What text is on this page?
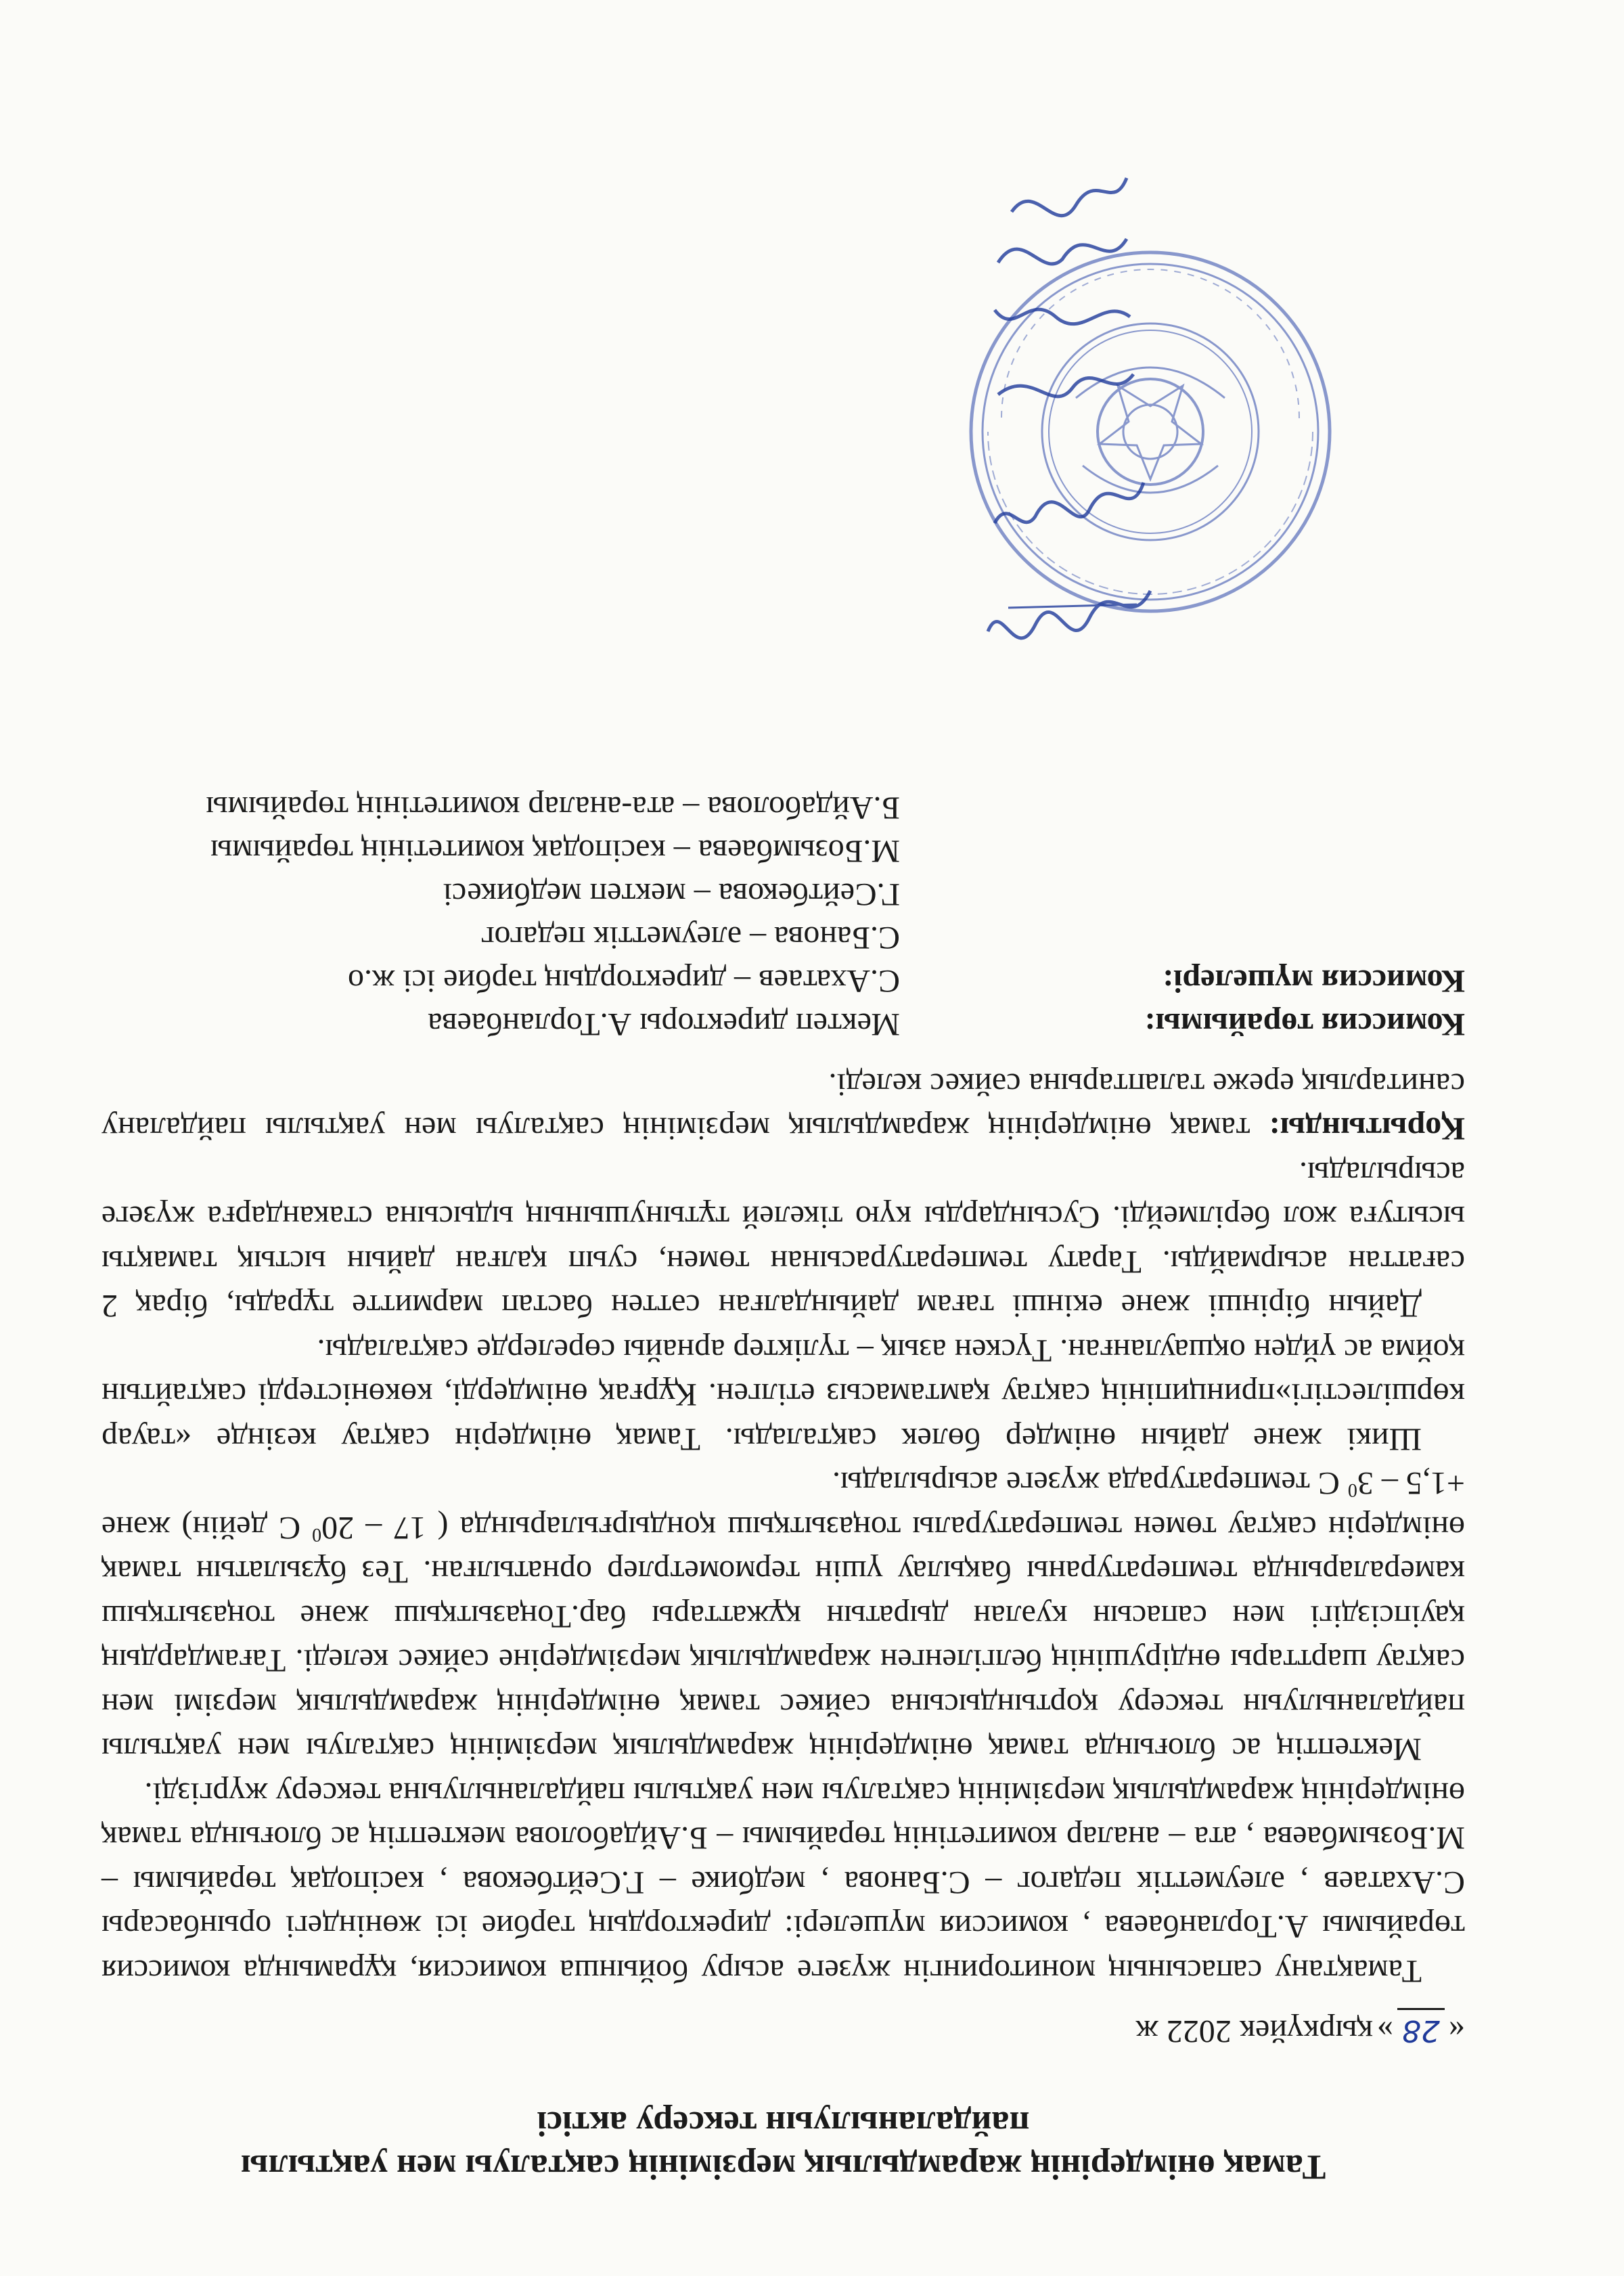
Тамақ өнімдерінің жарамдылық мерзімінің сақталуы мен уақтылы
пайдаланылуын тексеру актісі
«
28
»
қыркүйек 2022 ж

Тамақтану сапасының мониторингін жүзеге асыру бойынша комиссия, құрамында комиссия төрайымы А.Торланбаева , комиссия мүшелері: директордың тәрбие ісі жөніндегі орынбасары С.Ахатаев , әлеуметтік педагог – С.Банова , медбике – Г.Сейтбекова , кәсіподақ төрайымы – М.Бозымбаева , ата – аналар комитетінің төрайымы – Б.Айдаболова мектептің ас блоғында тамақ өнімдерінің жарамдылық мерзімінің сақталуы мен уақтылы пайдаланылуына тексеру жүргізді.

Мектептің ас блоғында тамақ өнімдерінің жарамдылық мерзімінің сақталуы мен уақтылы пайдаланылуын тексеру қортындысына сәйкес тамақ өнімдерінің жарамдылық мерзімі мен сақтау шарттары өндірушінің белгіленген жарамдылық мерзімдеріне сәйкес келеді. Тағамдардың қауіпсіздігі мен сапасын куәлан дыратын құжаттары бар.Тоңазытқыш және тоңазытқыш камераларында температураны бақылау үшін термометрлер орнатылған. Тез бұзылатын тамақ өнімдерін сақтау төмен температуралы тоңазытқыш қондырғыларында ( $17 - 20^0$ С дейін) және $+1,5 - 3^0$ С температурада жүзеге асырылады.

Шикі және дайын өнімдер бөлек сақталады. Тамақ өнімдерін сақтау кезінде «тауар көршілестігі»принципінің сақтау қамтамасыз етілген. Құрғақ өнімдерді, көкөністерді сақтайтын қойма ас үйден оқшауланған. Түскен азық – түліктер арнайы сөрелерде сақталады.

Дайын бірінші және екінші тағам дайындалған сәттен бастап мармитте тұрады, бірақ 2 сағаттан асырмайды. Тарату температурасынан төмен, суып қалған дайын ыстық тамақты ысытуға жол берілмейді. Сусындарды күю тікелей тұтынушының ыдысына стакандарға жүзеге асырылады.

Қорытынды: тамақ өнімдерінің жарамдылық мерзімінің сақталуы мен уақтылы пайдалану санитарлық ереже талаптарына сәйкес келеді.

Комиссия төрайымы:
Мектеп директоры А.Торланбаева
Комиссия мүшелері:
С.Ахатаев – директордың тәрбие ісі ж.о
С.Банова – әлеуметтік педагог
Г.Сейтбекова – мектеп медбикесі
М.Бозымбаева – кәсіподақ комитетінің төрайымы
Б.Айдаболова – ата-аналар комитетінің төрайымы
